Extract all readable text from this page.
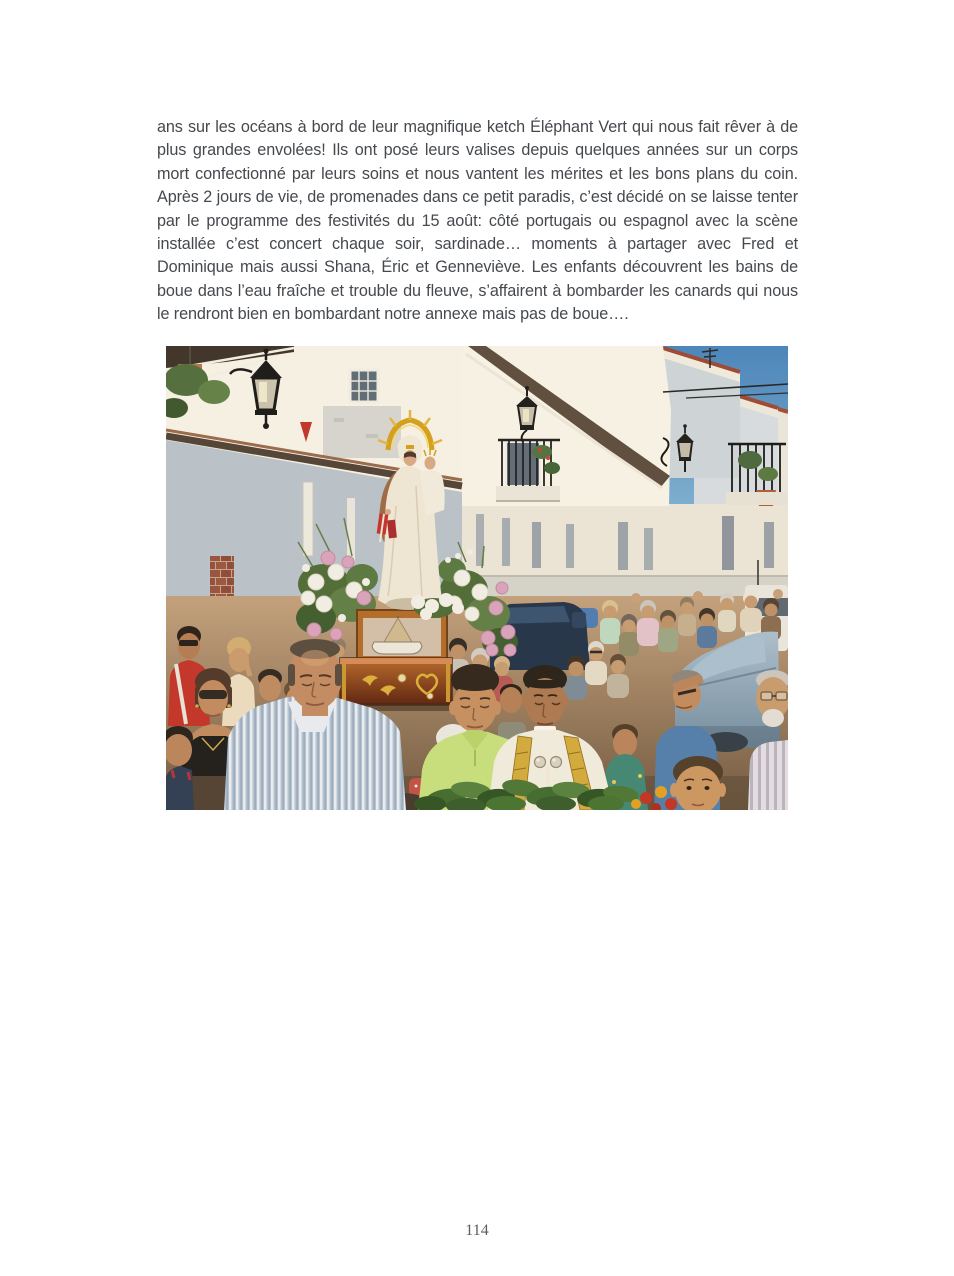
ans sur les océans à bord de leur magnifique ketch Éléphant Vert qui nous fait rêver à de plus grandes envolées! Ils ont posé leurs valises depuis quelques années sur un corps mort confectionné par leurs soins et nous vantent les mérites et les bons plans du coin. Après 2 jours de vie, de promenades dans ce petit paradis, c’est décidé on se laisse tenter par le programme des festivités du 15 août: côté portugais ou espagnol avec la scène installée c’est concert chaque soir, sardinade… moments à partager avec Fred et Dominique mais aussi Shana, Éric et Genneviève. Les enfants découvrent les bains de boue dans l’eau fraîche et trouble du fleuve, s’affairent à bombarder les canards qui nous le rendront bien en bombardant notre annexe mais pas de boue….

114
